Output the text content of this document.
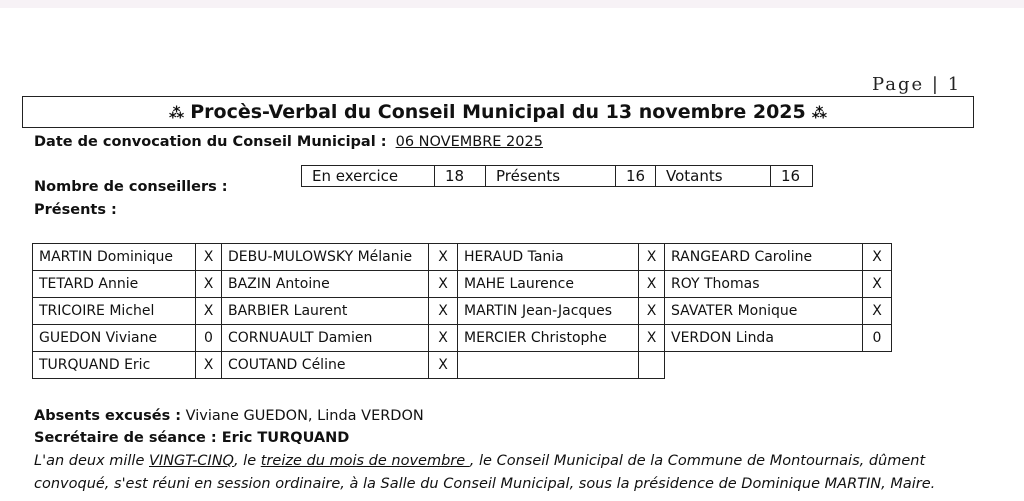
Page | 1
⁂ Procès-Verbal du Conseil Municipal du 13 novembre 2025 ⁂
Date de convocation du Conseil Municipal : 06 NOVEMBRE 2025
Nombre de conseillers :
En exercice	18	Présents	16	Votants	16
Présents :
MARTIN Dominique	X	DEBU-MULOWSKY Mélanie	X	HERAUD Tania	X	RANGEARD Caroline	X
TETARD Annie	X	BAZIN Antoine	X	MAHE Laurence	X	ROY Thomas	X
TRICOIRE Michel	X	BARBIER Laurent	X	MARTIN Jean-Jacques	X	SAVATER Monique	X
GUEDON Viviane	0	CORNUAULT Damien	X	MERCIER Christophe	X	VERDON Linda	0
TURQUAND Eric	X	COUTAND Céline	X				
Absents excusés : Viviane GUEDON, Linda VERDON
Secrétaire de séance : Eric TURQUAND
L'an deux mille VINGT-CINQ, le treize du mois de novembre , le Conseil Municipal de la Commune de Montournais, dûment
convoqué, s'est réuni en session ordinaire, à la Salle du Conseil Municipal, sous la présidence de Dominique MARTIN, Maire.
